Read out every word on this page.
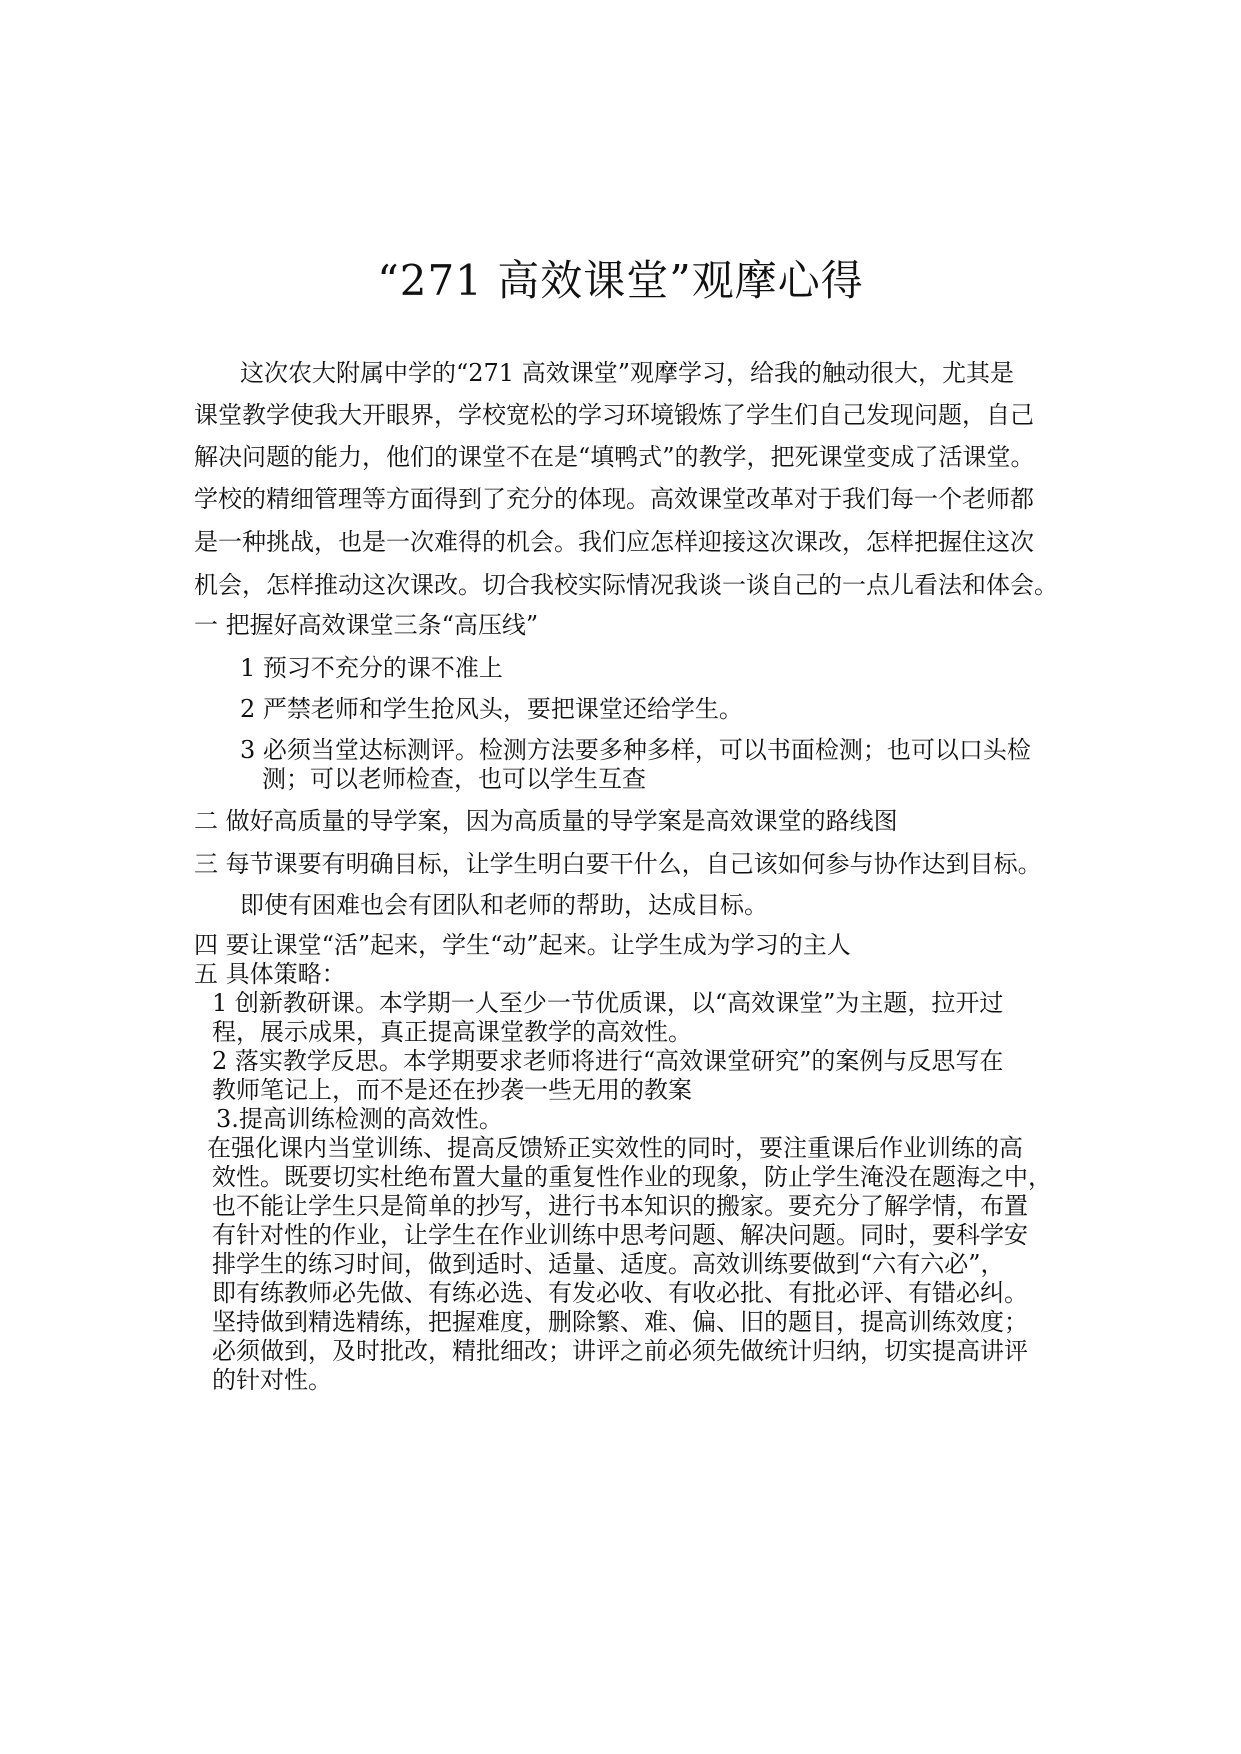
“271 高效课堂”观摩心得
这次农大附属中学的“271 高效课堂”观摩学习，给我的触动很大，尤其是
课堂教学使我大开眼界，学校宽松的学习环境锻炼了学生们自己发现问题，自己
解决问题的能力，他们的课堂不在是“填鸭式”的教学，把死课堂变成了活课堂。
学校的精细管理等方面得到了充分的体现。高效课堂改革对于我们每一个老师都
是一种挑战，也是一次难得的机会。我们应怎样迎接这次课改，怎样把握住这次
机会，怎样推动这次课改。切合我校实际情况我谈一谈自己的一点儿看法和体会。
一 把握好高效课堂三条“高压线”
1 预习不充分的课不准上
2 严禁老师和学生抢风头，要把课堂还给学生。
3 必须当堂达标测评。检测方法要多种多样，可以书面检测；也可以口头检
测；可以老师检查，也可以学生互查
二 做好高质量的导学案，因为高质量的导学案是高效课堂的路线图
三 每节课要有明确目标，让学生明白要干什么，自己该如何参与协作达到目标。
即使有困难也会有团队和老师的帮助，达成目标。
四 要让课堂“活”起来，学生“动”起来。让学生成为学习的主人
五 具体策略：
1 创新教研课。本学期一人至少一节优质课，以“高效课堂”为主题，拉开过
程，展示成果，真正提高课堂教学的高效性。
2 落实教学反思。本学期要求老师将进行“高效课堂研究”的案例与反思写在
教师笔记上，而不是还在抄袭一些无用的教案
3.提高训练检测的高效性。
在强化课内当堂训练、提高反馈矫正实效性的同时，要注重课后作业训练的高
效性。既要切实杜绝布置大量的重复性作业的现象，防止学生淹没在题海之中，
也不能让学生只是简单的抄写，进行书本知识的搬家。要充分了解学情，布置
有针对性的作业，让学生在作业训练中思考问题、解决问题。同时，要科学安
排学生的练习时间，做到适时、适量、适度。高效训练要做到“六有六必”，
即有练教师必先做、有练必选、有发必收、有收必批、有批必评、有错必纠。
坚持做到精选精练，把握难度，删除繁、难、偏、旧的题目，提高训练效度；
必须做到，及时批改，精批细改；讲评之前必须先做统计归纳，切实提高讲评
的针对性。
